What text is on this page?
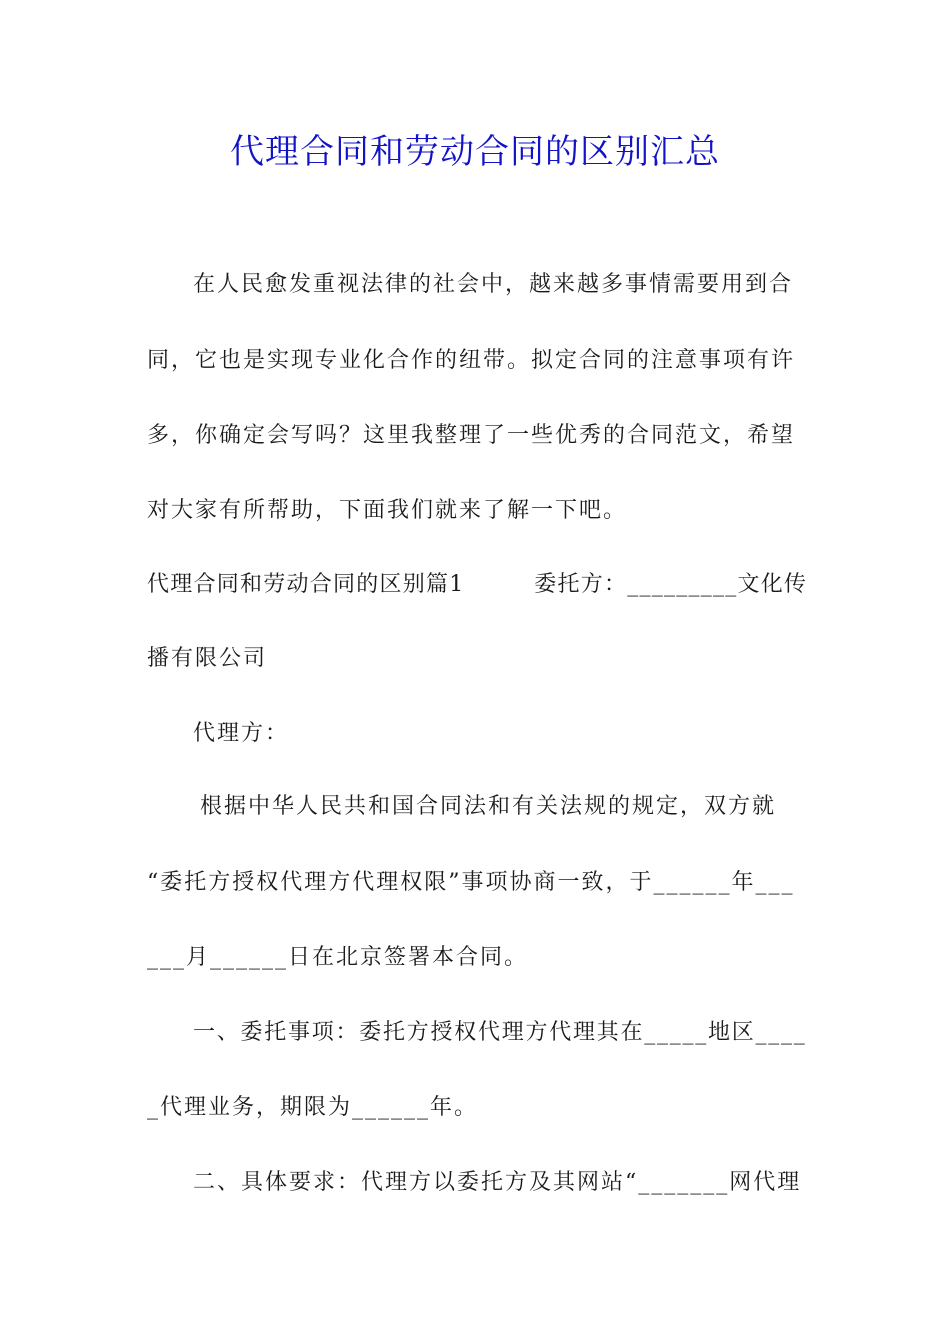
代理合同和劳动合同的区别汇总
在人民愈发重视法律的社会中，越来越多事情需要用到合
同，它也是实现专业化合作的纽带。拟定合同的注意事项有许
多，你确定会写吗？这里我整理了一些优秀的合同范文，希望
对大家有所帮助，下面我们就来了解一下吧。
代理合同和劳动合同的区别篇1　　　委托方：_________文化传
播有限公司
代理方：
根据中华人民共和国合同法和有关法规的规定，双方就
“委托方授权代理方代理权限”事项协商一致，于______年___
___月______日在北京签署本合同。
一、委托事项：委托方授权代理方代理其在_____地区____
_代理业务，期限为______年。
二、具体要求：代理方以委托方及其网站“_______网代理
